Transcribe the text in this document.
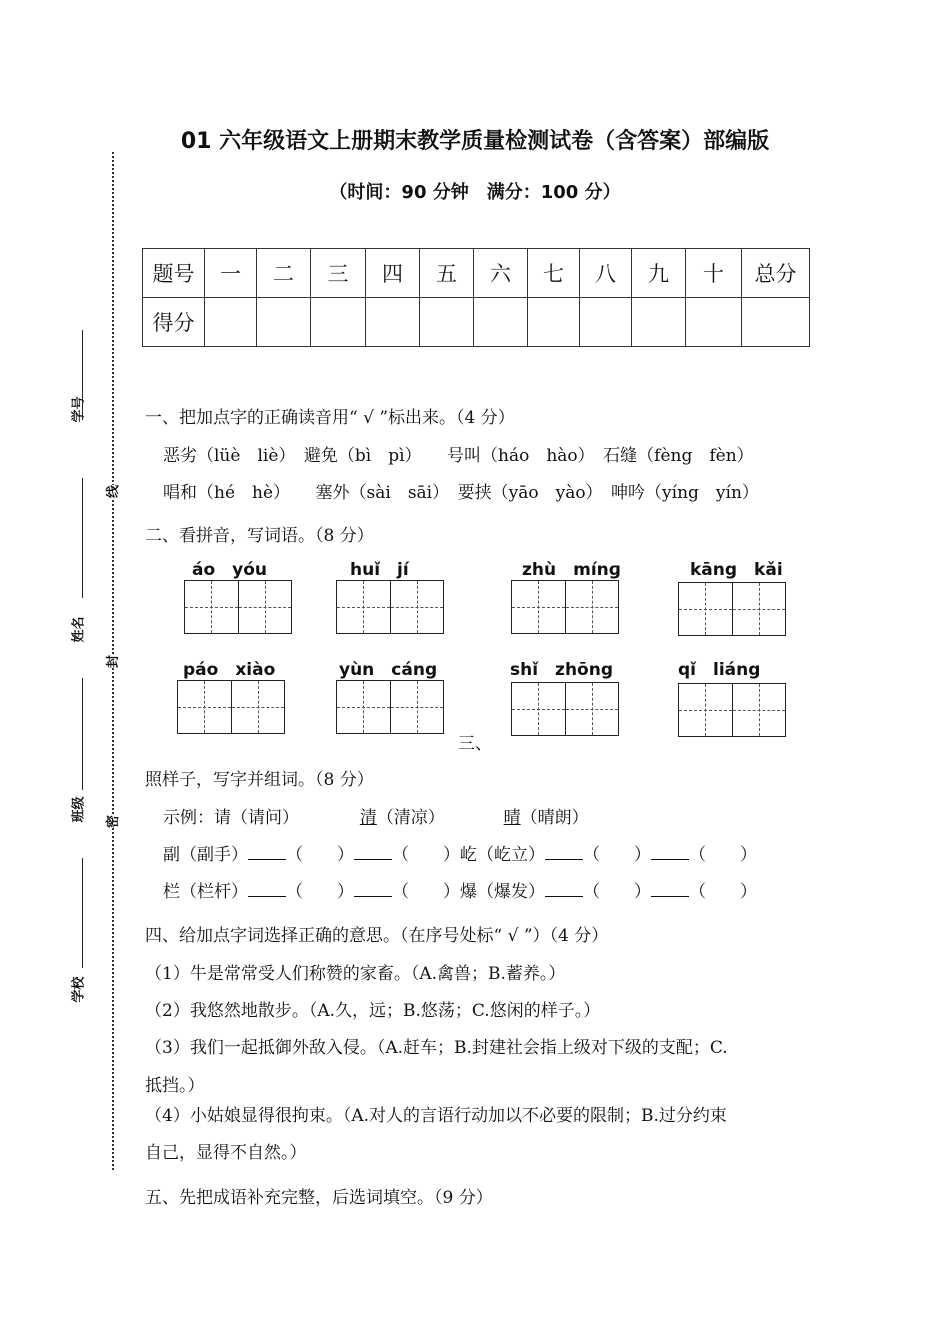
学号
姓名
班级
学校
线
封
密
01 六年级语文上册期末教学质量检测试卷（含答案）部编版
（时间：90 分钟　满分：100 分）
题号	一	二	三	四	五	六	七	八	九	十	总分
得分											
一、把加点字的正确读音用“ √ ”标出来。（4 分）
恶劣（lüè　liè）　避免（bì　pì）　　号叫（háo　hào）　石缝（fèng　fèn）
唱和（hé　hè）　　塞外（sài　sāi）　要挟（yāo　yào）　呻吟（yíng　yín）
二、看拼音，写词语。（8 分）
áo　yóu	huǐ　jí	zhù　mínɡ	kāng　kǎi
páo　xiào	yùn　cáng	shǐ　zhōng	qǐ　liáng
三、
照样子，写字并组词。（8 分）
示例：请（请问）	清（清凉）	晴（晴朗）
副（副手） （　　） （　　）屹（屹立） （　　） （　　）
栏（栏杆） （　　） （　　）爆（爆发） （　　） （　　）
四、给加点字词选择正确的意思。（在序号处标“ √ ”）（4 分）
（1）牛是常常受人们称赞的家畜。（A.禽兽；B.蓄养。）
（2）我悠然地散步。（A.久，远；B.悠荡；C.悠闲的样子。）
（3）我们一起抵御外敌入侵。（A.赶车；B.封建社会指上级对下级的支配；C.
抵挡。）
（4）小姑娘显得很拘束。（A.对人的言语行动加以不必要的限制；B.过分约束
自己，显得不自然。）
五、先把成语补充完整，后选词填空。（9 分）
